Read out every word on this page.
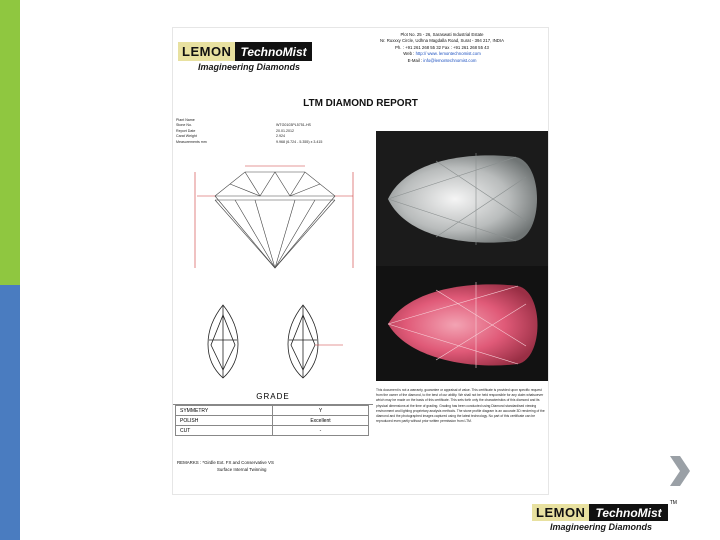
LEMON TechnoMist
Imagineering Diamonds
Plot No. 25 - 26, Saraswati Industrial Estate
Nr. Ruxxxy Circle, Udhna Magdalla Road, Surat - 394 217, INDIA
Ph. : +91 261 268 55 32 Fax : +91 261 268 55 43
Web : http:// www. lemontechnomist.com
E-Mail : info@lemontechnomist.com
LTM DIAMOND REPORT
Plant Name
Stone No.	WTG0103PL5751-HS
Report Date	20.01.2012
Carat Weight	2.924
Measurements mm	9.968 (6.724 - 5.355) x 3.415
GRADE
SYMMETRY	Y
POLISH	Excellent
CUT	-
REMARKS : *Girdle Ext. FX and Conservative VS
Surface Internal Twinning
This document is not a warranty, guarantee or appraisal of value. This certificate is provided upon specific request from the owner of the diamond, to the best of our ability. We shall not be held responsible for any claim whatsoever which may be made on the basis of this certificate. This sets forth only the characteristics of this diamond and its physical dimensions at the time of grading. Grading has been conducted using Diamond standardised viewing environment and lighting proprietary analysis methods. The stone profile diagram is an accurate 3D rendering of the diamond and the photographed images captured using the latest technology. No part of this certificate can be reproduced even partly without prior written permission from LTM.
LEMON TechnoMist
TM
Imagineering Diamonds
